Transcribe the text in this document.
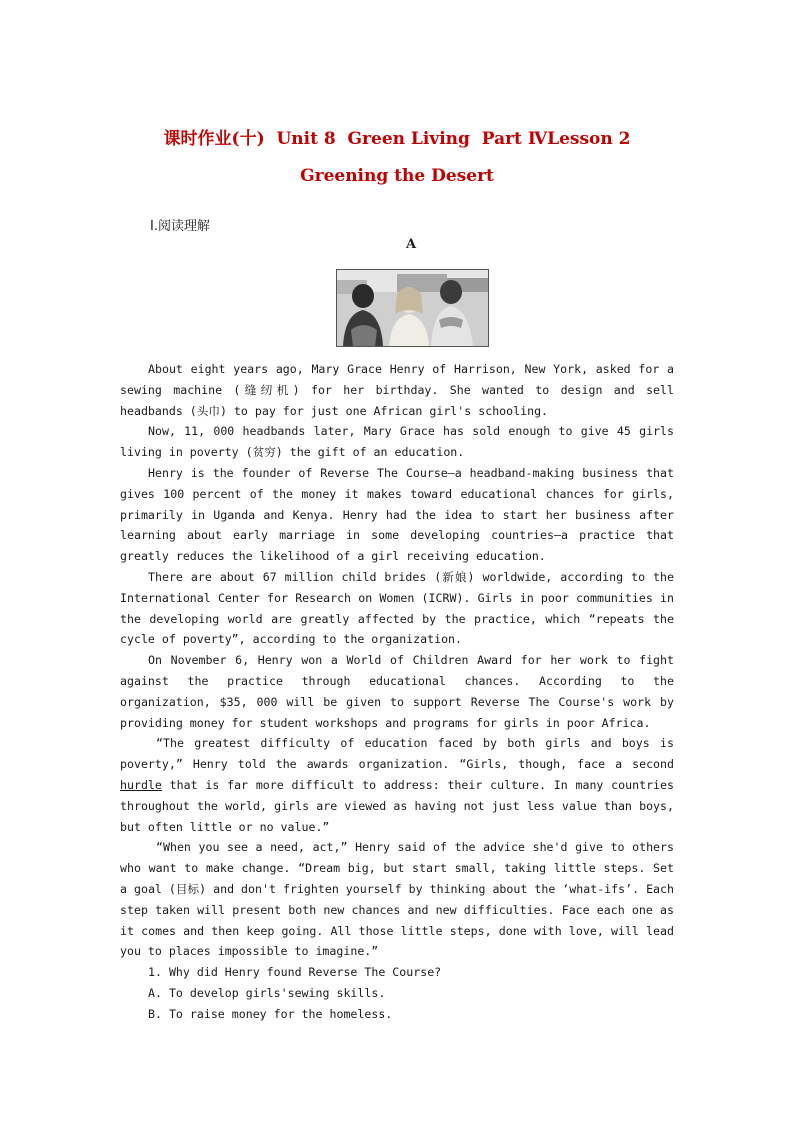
课时作业(十)  Unit 8  Green Living  Part ⅣLesson 2
Greening the Desert
Ⅰ.阅读理解
A

About eight years ago, Mary Grace Henry of Harrison, New York, asked for a sewing machine (缝纫机) for her birthday. She wanted to design and sell headbands (头巾) to pay for just one African girl's schooling.

Now, 11, 000 headbands later, Mary Grace has sold enough to give 45 girls living in poverty (贫穷) the gift of an education.

Henry is the founder of Reverse The Course—a headband-making business that gives 100 percent of the money it makes toward educational chances for girls, primarily in Uganda and Kenya. Henry had the idea to start her business after learning about early marriage in some developing countries—a practice that greatly reduces the likelihood of a girl receiving education.

There are about 67 million child brides (新娘) worldwide, according to the International Center for Research on Women (ICRW). Girls in poor communities in the developing world are greatly affected by the practice, which “repeats the cycle of poverty”, according to the organization.

On November 6, Henry won a World of Children Award for her work to fight against the practice through educational chances. According to the organization, $35, 000 will be given to support Reverse The Course's work by providing money for student workshops and programs for girls in poor Africa.

“The greatest difficulty of education faced by both girls and boys is poverty,” Henry told the awards organization. “Girls, though, face a second hurdle that is far more difficult to address: their culture. In many countries throughout the world, girls are viewed as having not just less value than boys, but often little or no value.”

“When you see a need, act,” Henry said of the advice she'd give to others who want to make change. “Dream big, but start small, taking little steps. Set a goal (目标) and don't frighten yourself by thinking about the ‘what-ifs’. Each step taken will present both new chances and new difficulties. Face each one as it comes and then keep going. All those little steps, done with love, will lead you to places impossible to imagine.”

1. Why did Henry found Reverse The Course?

A. To develop girls'sewing skills.

B. To raise money for the homeless.
